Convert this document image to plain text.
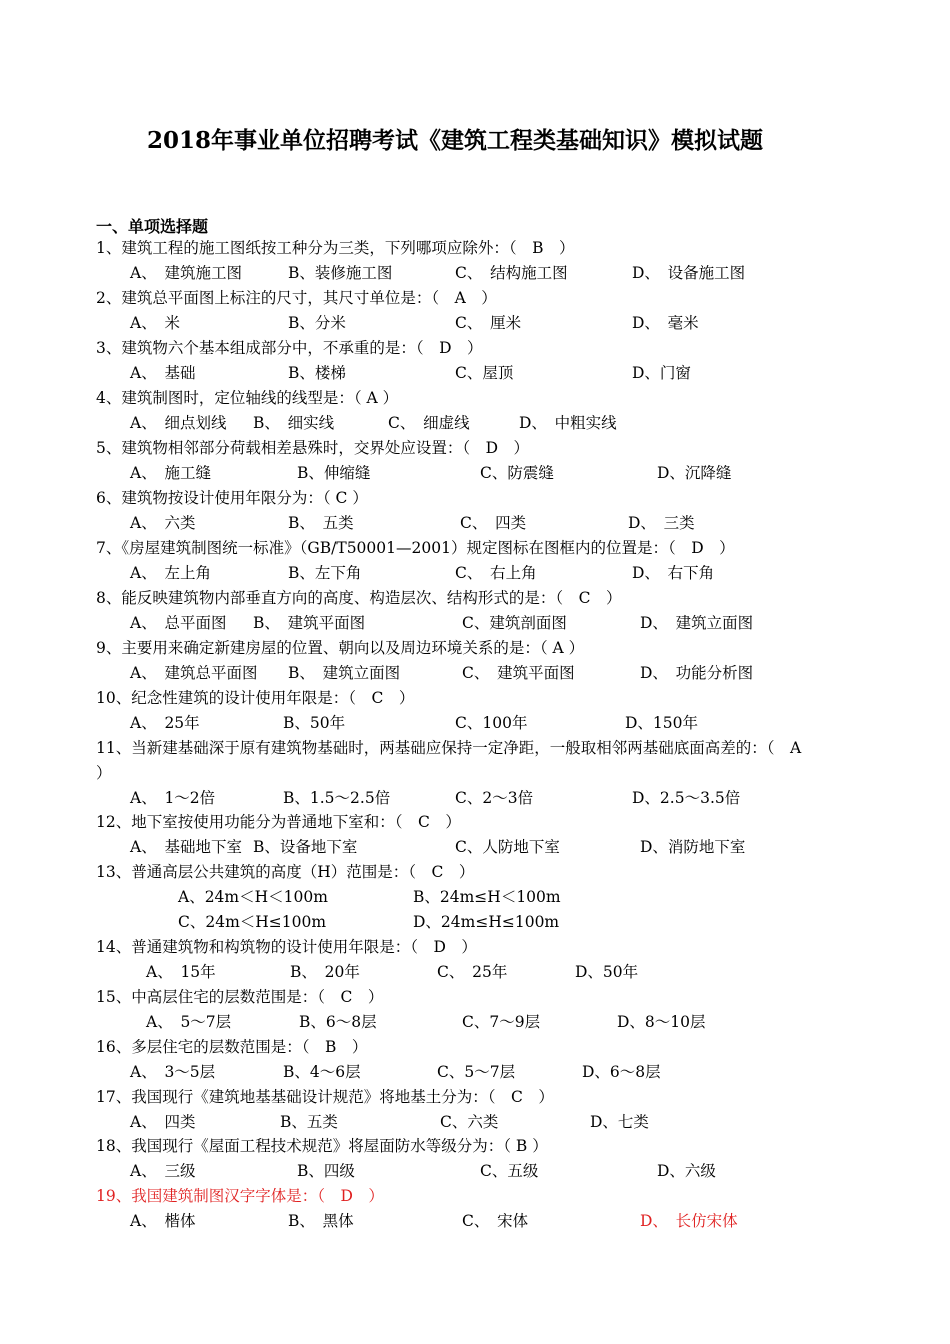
2018年事业单位招聘考试《建筑工程类基础知识》模拟试题
一、单项选择题
1、建筑工程的施工图纸按工种分为三类，下列哪项应除外：（　B　）
A、　建筑施工图	B、装修施工图	C、　结构施工图	D、　设备施工图
2、建筑总平面图上标注的尺寸，其尺寸单位是：（　A　）
A、　米	B、分米	C、　厘米	D、　毫米
3、建筑物六个基本组成部分中，不承重的是：（　D　）
A、　基础	B、楼梯	C、屋顶	D、门窗
4、建筑制图时，定位轴线的线型是：（ A ）
A、　细点划线 B、　细实线	C、　细虚线	D、　中粗实线
5、建筑物相邻部分荷载相差悬殊时，交界处应设置：（　D　）
A、　施工缝	B、伸缩缝	C、防震缝	D、沉降缝
6、建筑物按设计使用年限分为：（ C ）
A、　六类	B、　五类	C、　四类	D、　三类
7、《房屋建筑制图统一标准》（GB/T50001—2001）规定图标在图框内的位置是：（　D　）
A、　左上角	B、左下角	C、　右上角	D、　右下角
8、能反映建筑物内部垂直方向的高度、构造层次、结构形式的是：（　C　）
A、　总平面图 B、　建筑平面图	C、建筑剖面图	D、　建筑立面图
9、主要用来确定新建房屋的位置、朝向以及周边环境关系的是：（ A ）
A、　建筑总平面图 B、　建筑立面图	C、　建筑平面图	D、　功能分析图
10、纪念性建筑的设计使用年限是：（　C　）
A、　25年	B、50年	C、100年	D、150年
11、当新建基础深于原有建筑物基础时，两基础应保持一定净距，一般取相邻两基础底面高差的：（　A
）
A、　1～2倍	B、1.5～2.5倍	C、2～3倍	D、2.5～3.5倍
12、地下室按使用功能分为普通地下室和：（　C　）
A、　基础地下室 B、设备地下室	C、人防地下室	D、消防地下室
13、普通高层公共建筑的高度（H）范围是：（　C　）
A、24m＜H＜100m	B、24m≤H＜100m
C、24m＜H≤100m	D、24m≤H≤100m
14、普通建筑物和构筑物的设计使用年限是：（　D　）
A、　15年	B、　20年	C、　25年	D、50年
15、中高层住宅的层数范围是：（　C　）
A、　5～7层	B、6～8层	C、7～9层	D、8～10层
16、多层住宅的层数范围是：（　B　）
A、　3～5层	B、4～6层	C、5～7层	D、6～8层
17、我国现行《建筑地基基础设计规范》将地基土分为：（　C　）
A、　四类	B、五类	C、六类	D、七类
18、我国现行《屋面工程技术规范》将屋面防水等级分为：（ B ）
A、　三级	B、四级	C、五级	D、六级
19、我国建筑制图汉字字体是：（　D　）
A、　楷体	B、　黑体	C、　宋体	D、　长仿宋体
